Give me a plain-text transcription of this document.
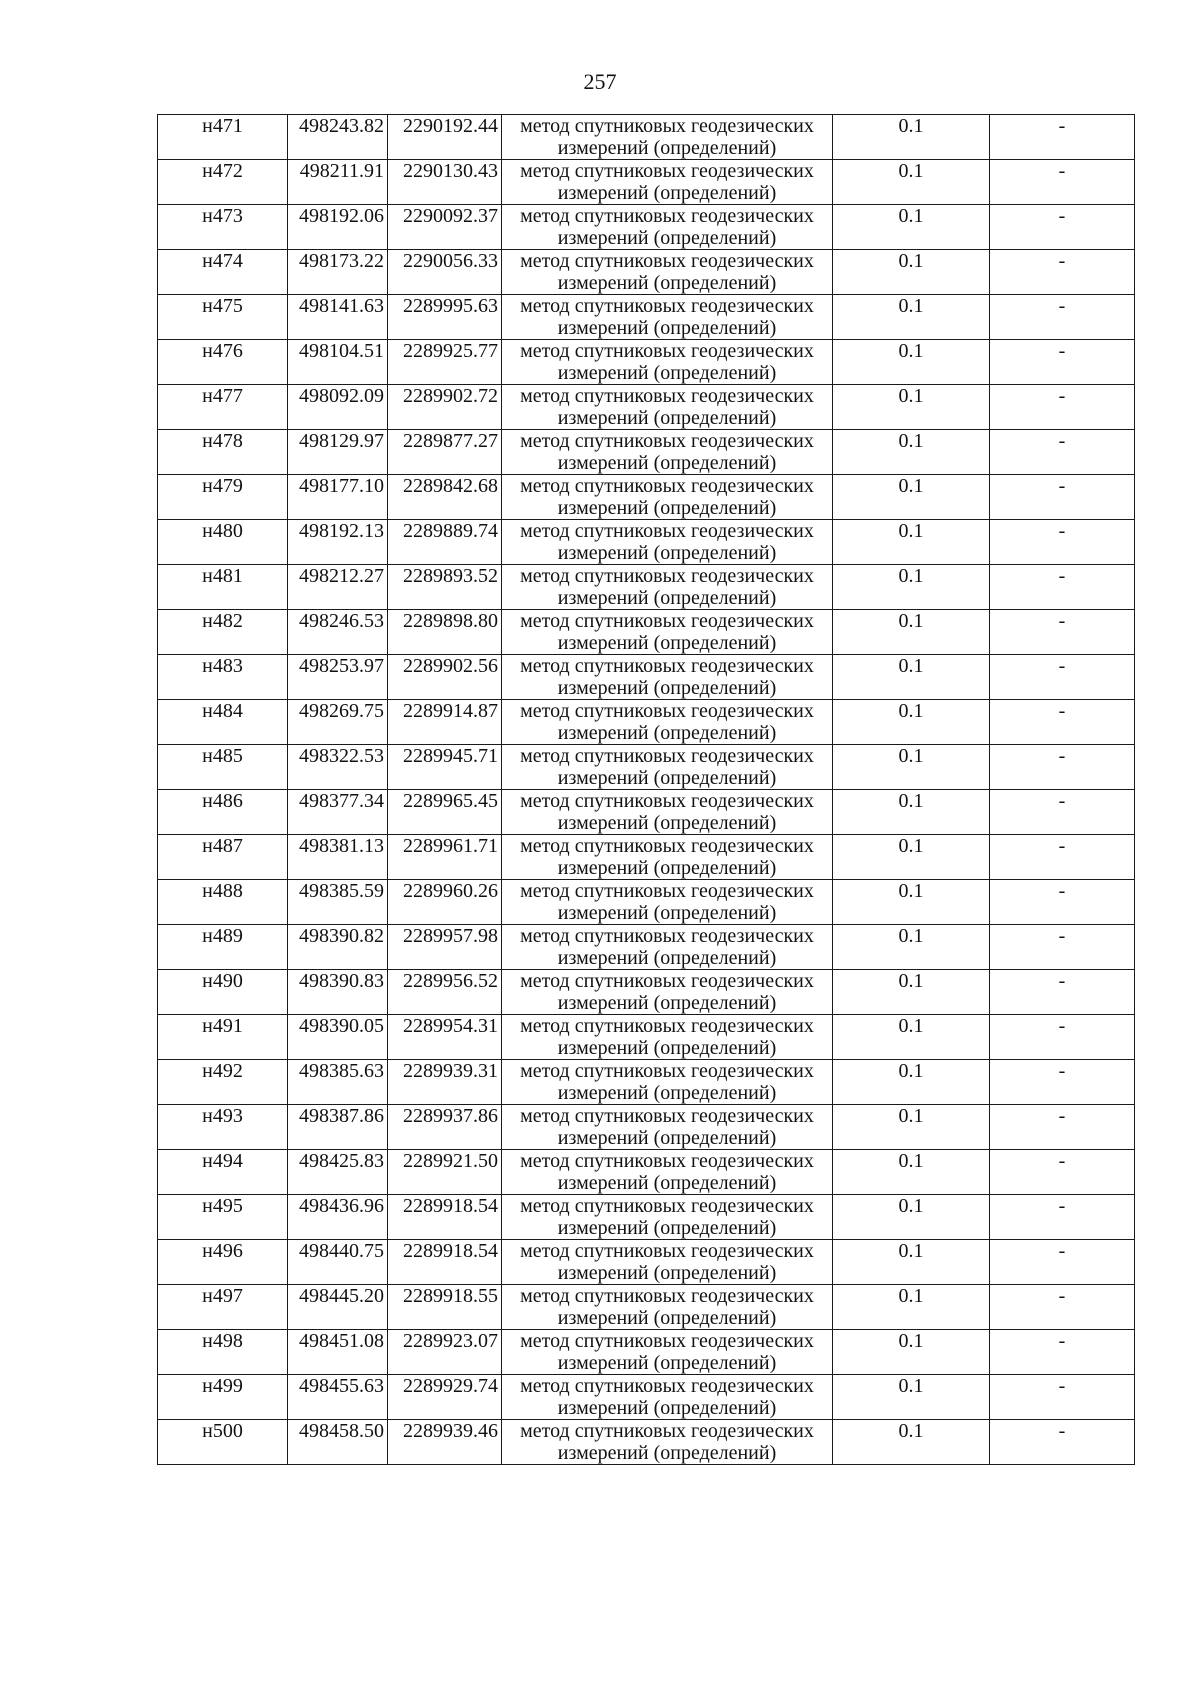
257
н471	498243.82	2290192.44	метод спутниковых геодезических
измерений (определений)	0.1	-
н472	498211.91	2290130.43	метод спутниковых геодезических
измерений (определений)	0.1	-
н473	498192.06	2290092.37	метод спутниковых геодезических
измерений (определений)	0.1	-
н474	498173.22	2290056.33	метод спутниковых геодезических
измерений (определений)	0.1	-
н475	498141.63	2289995.63	метод спутниковых геодезических
измерений (определений)	0.1	-
н476	498104.51	2289925.77	метод спутниковых геодезических
измерений (определений)	0.1	-
н477	498092.09	2289902.72	метод спутниковых геодезических
измерений (определений)	0.1	-
н478	498129.97	2289877.27	метод спутниковых геодезических
измерений (определений)	0.1	-
н479	498177.10	2289842.68	метод спутниковых геодезических
измерений (определений)	0.1	-
н480	498192.13	2289889.74	метод спутниковых геодезических
измерений (определений)	0.1	-
н481	498212.27	2289893.52	метод спутниковых геодезических
измерений (определений)	0.1	-
н482	498246.53	2289898.80	метод спутниковых геодезических
измерений (определений)	0.1	-
н483	498253.97	2289902.56	метод спутниковых геодезических
измерений (определений)	0.1	-
н484	498269.75	2289914.87	метод спутниковых геодезических
измерений (определений)	0.1	-
н485	498322.53	2289945.71	метод спутниковых геодезических
измерений (определений)	0.1	-
н486	498377.34	2289965.45	метод спутниковых геодезических
измерений (определений)	0.1	-
н487	498381.13	2289961.71	метод спутниковых геодезических
измерений (определений)	0.1	-
н488	498385.59	2289960.26	метод спутниковых геодезических
измерений (определений)	0.1	-
н489	498390.82	2289957.98	метод спутниковых геодезических
измерений (определений)	0.1	-
н490	498390.83	2289956.52	метод спутниковых геодезических
измерений (определений)	0.1	-
н491	498390.05	2289954.31	метод спутниковых геодезических
измерений (определений)	0.1	-
н492	498385.63	2289939.31	метод спутниковых геодезических
измерений (определений)	0.1	-
н493	498387.86	2289937.86	метод спутниковых геодезических
измерений (определений)	0.1	-
н494	498425.83	2289921.50	метод спутниковых геодезических
измерений (определений)	0.1	-
н495	498436.96	2289918.54	метод спутниковых геодезических
измерений (определений)	0.1	-
н496	498440.75	2289918.54	метод спутниковых геодезических
измерений (определений)	0.1	-
н497	498445.20	2289918.55	метод спутниковых геодезических
измерений (определений)	0.1	-
н498	498451.08	2289923.07	метод спутниковых геодезических
измерений (определений)	0.1	-
н499	498455.63	2289929.74	метод спутниковых геодезических
измерений (определений)	0.1	-
н500	498458.50	2289939.46	метод спутниковых геодезических
измерений (определений)	0.1	-
